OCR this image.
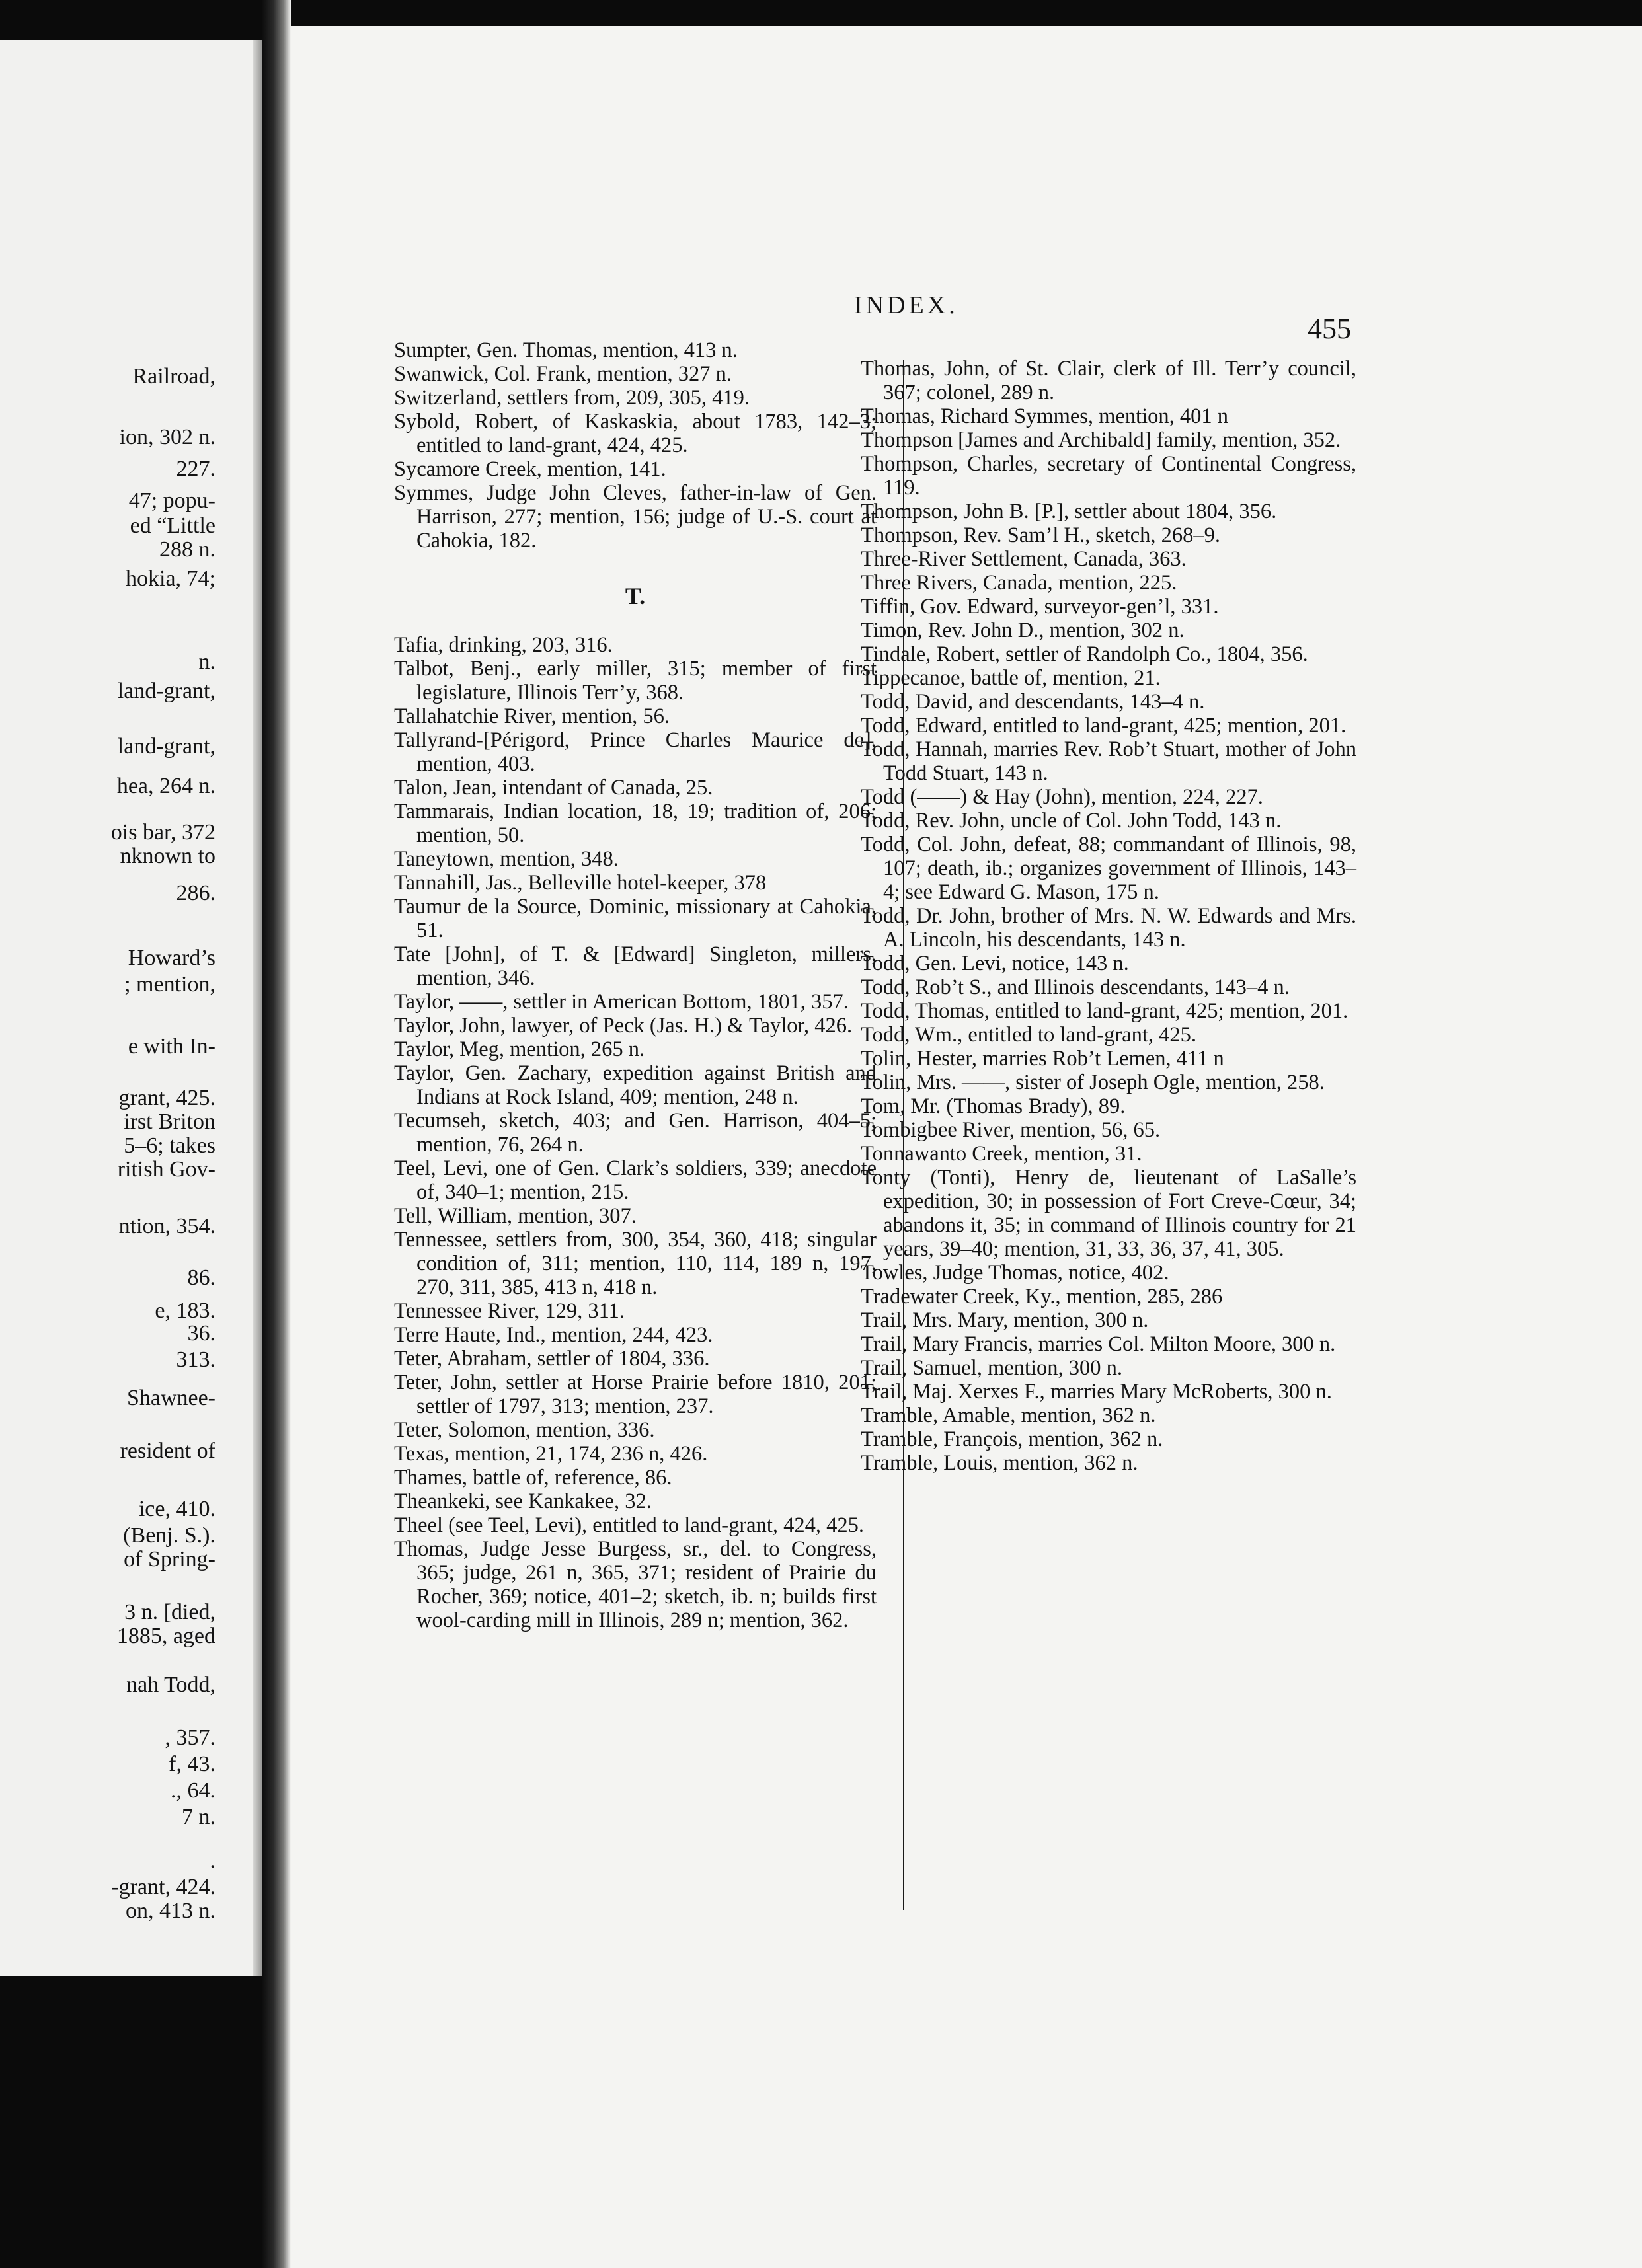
Railroad,
ion, 302 n.
227.
47; popu-
ed “Little
288 n.
hokia, 74;
n.
land-grant,
land-grant,
hea, 264 n.
ois bar, 372
nknown to
286.
Howard’s
; mention,
e with In-
grant, 425.
irst Briton
5–6; takes
ritish Gov-
ntion, 354.
86.
e, 183.
36.
313.
Shawnee-
resident of
ice, 410.
(Benj. S.).
of Spring-
3 n. [died,
1885, aged
nah Todd,
, 357.
f, 43.
., 64.
7 n.
.
-grant, 424.
on, 413 n.
INDEX.
455

Sumpter, Gen. Thomas, mention, 413 n.

Swanwick, Col. Frank, mention, 327 n.

Switzerland, settlers from, 209, 305, 419.

Sybold, Robert, of Kaskaskia, about 1783, 142–3; entitled to land-grant, 424, 425.

Sycamore Creek, mention, 141.

Symmes, Judge John Cleves, father-in-law of Gen. Harrison, 277; mention, 156; judge of U.-S. court at Cahokia, 182.

T.

Tafia, drinking, 203, 316.

Talbot, Benj., early miller, 315; member of first legislature, Illinois Terr’y, 368.

Tallahatchie River, mention, 56.

Tallyrand-[Périgord, Prince Charles Maurice de], mention, 403.

Talon, Jean, intendant of Canada, 25.

Tammarais, Indian location, 18, 19; tradition of, 206; mention, 50.

Taneytown, mention, 348.

Tannahill, Jas., Belleville hotel-keeper, 378

Taumur de la Source, Dominic, missionary at Cahokia, 51.

Tate [John], of T. & [Edward] Singleton, millers, mention, 346.

Taylor, ——, settler in American Bottom, 1801, 357.

Taylor, John, lawyer, of Peck (Jas. H.) & Taylor, 426.

Taylor, Meg, mention, 265 n.

Taylor, Gen. Zachary, expedition against British and Indians at Rock Island, 409; mention, 248 n.

Tecumseh, sketch, 403; and Gen. Harrison, 404–5; mention, 76, 264 n.

Teel, Levi, one of Gen. Clark’s soldiers, 339; anecdote of, 340–1; mention, 215.

Tell, William, mention, 307.

Tennessee, settlers from, 300, 354, 360, 418; singular condition of, 311; mention, 110, 114, 189 n, 197, 270, 311, 385, 413 n, 418 n.

Tennessee River, 129, 311.

Terre Haute, Ind., mention, 244, 423.

Teter, Abraham, settler of 1804, 336.

Teter, John, settler at Horse Prairie before 1810, 201; settler of 1797, 313; mention, 237.

Teter, Solomon, mention, 336.

Texas, mention, 21, 174, 236 n, 426.

Thames, battle of, reference, 86.

Theankeki, see Kankakee, 32.

Theel (see Teel, Levi), entitled to land-grant, 424, 425.

Thomas, Judge Jesse Burgess, sr., del. to Congress, 365; judge, 261 n, 365, 371; resident of Prairie du Rocher, 369; notice, 401–2; sketch, ib. n; builds first wool-carding mill in Illinois, 289 n; mention, 362.

Thomas, John, of St. Clair, clerk of Ill. Terr’y council, 367; colonel, 289 n.

Thomas, Richard Symmes, mention, 401 n

Thompson [James and Archibald] family, mention, 352.

Thompson, Charles, secretary of Continental Congress, 119.

Thompson, John B. [P.], settler about 1804, 356.

Thompson, Rev. Sam’l H., sketch, 268–9.

Three-River Settlement, Canada, 363.

Three Rivers, Canada, mention, 225.

Tiffin, Gov. Edward, surveyor-gen’l, 331.

Timon, Rev. John D., mention, 302 n.

Tindale, Robert, settler of Randolph Co., 1804, 356.

Tippecanoe, battle of, mention, 21.

Todd, David, and descendants, 143–4 n.

Todd, Edward, entitled to land-grant, 425; mention, 201.

Todd, Hannah, marries Rev. Rob’t Stuart, mother of John Todd Stuart, 143 n.

Todd (——) & Hay (John), mention, 224, 227.

Todd, Rev. John, uncle of Col. John Todd, 143 n.

Todd, Col. John, defeat, 88; commandant of Illinois, 98, 107; death, ib.; organizes government of Illinois, 143–4; see Edward G. Mason, 175 n.

Todd, Dr. John, brother of Mrs. N. W. Edwards and Mrs. A. Lincoln, his descendants, 143 n.

Todd, Gen. Levi, notice, 143 n.

Todd, Rob’t S., and Illinois descendants, 143–4 n.

Todd, Thomas, entitled to land-grant, 425; mention, 201.

Todd, Wm., entitled to land-grant, 425.

Tolin, Hester, marries Rob’t Lemen, 411 n

Tolin, Mrs. ——, sister of Joseph Ogle, mention, 258.

Tom, Mr. (Thomas Brady), 89.

Tombigbee River, mention, 56, 65.

Tonnawanto Creek, mention, 31.

Tonty (Tonti), Henry de, lieutenant of LaSalle’s expedition, 30; in possession of Fort Creve-Cœur, 34; abandons it, 35; in command of Illinois country for 21 years, 39–40; mention, 31, 33, 36, 37, 41, 305.

Towles, Judge Thomas, notice, 402.

Tradewater Creek, Ky., mention, 285, 286

Trail, Mrs. Mary, mention, 300 n.

Trail, Mary Francis, marries Col. Milton Moore, 300 n.

Trail, Samuel, mention, 300 n.

Trail, Maj. Xerxes F., marries Mary McRoberts, 300 n.

Tramble, Amable, mention, 362 n.

Tramble, François, mention, 362 n.

Tramble, Louis, mention, 362 n.
